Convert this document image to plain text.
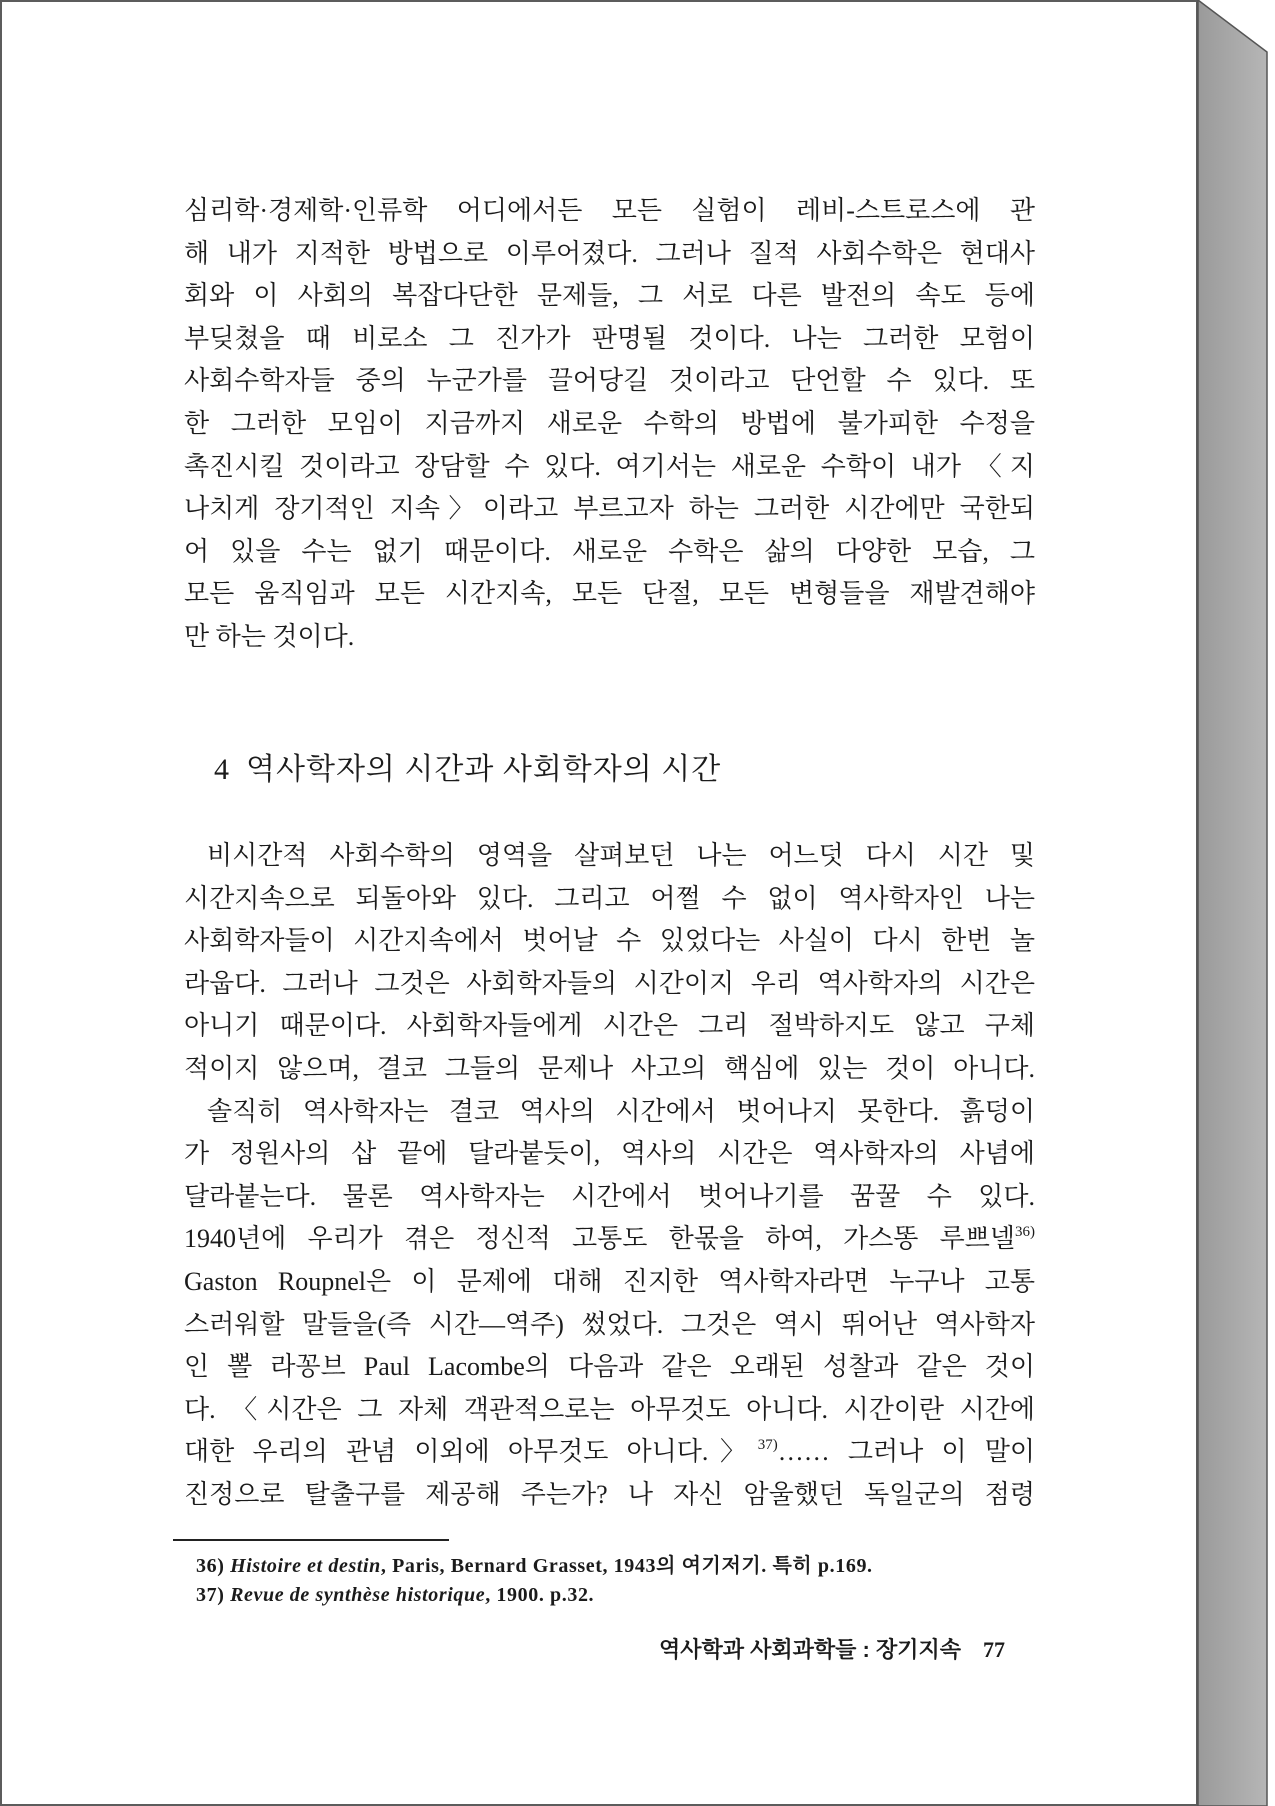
심리학·경제학·인류학 어디에서든 모든 실험이 레비-스트로스에 관
해 내가 지적한 방법으로 이루어졌다. 그러나 질적 사회수학은 현대사
회와 이 사회의 복잡다단한 문제들, 그 서로 다른 발전의 속도 등에
부딪쳤을 때 비로소 그 진가가 판명될 것이다. 나는 그러한 모험이
사회수학자들 중의 누군가를 끌어당길 것이라고 단언할 수 있다. 또
한 그러한 모임이 지금까지 새로운 수학의 방법에 불가피한 수정을
촉진시킬 것이라고 장담할 수 있다. 여기서는 새로운 수학이 내가 〈지
나치게 장기적인 지속〉이라고 부르고자 하는 그러한 시간에만 국한되
어 있을 수는 없기 때문이다. 새로운 수학은 삶의 다양한 모습, 그
모든 움직임과 모든 시간지속, 모든 단절, 모든 변형들을 재발견해야
만 하는 것이다.
4 역사학자의 시간과 사회학자의 시간
비시간적 사회수학의 영역을 살펴보던 나는 어느덧 다시 시간 및
시간지속으로 되돌아와 있다. 그리고 어쩔 수 없이 역사학자인 나는
사회학자들이 시간지속에서 벗어날 수 있었다는 사실이 다시 한번 놀
라웁다. 그러나 그것은 사회학자들의 시간이지 우리 역사학자의 시간은
아니기 때문이다. 사회학자들에게 시간은 그리 절박하지도 않고 구체
적이지 않으며, 결코 그들의 문제나 사고의 핵심에 있는 것이 아니다.
솔직히 역사학자는 결코 역사의 시간에서 벗어나지 못한다. 흙덩이
가 정원사의 삽 끝에 달라붙듯이, 역사의 시간은 역사학자의 사념에
달라붙는다. 물론 역사학자는 시간에서 벗어나기를 꿈꿀 수 있다.
1940년에 우리가 겪은 정신적 고통도 한몫을 하여, 가스똥 루쁘넬$^{36)}$
Gaston Roupnel은 이 문제에 대해 진지한 역사학자라면 누구나 고통
스러워할 말들을(즉 시간—역주) 썼었다. 그것은 역시 뛰어난 역사학자
인 뽈 라꽁브 Paul Lacombe의 다음과 같은 오래된 성찰과 같은 것이
다. 〈시간은 그 자체 객관적으로는 아무것도 아니다. 시간이란 시간에
대한 우리의 관념 이외에 아무것도 아니다.〉$^{37)}$…… 그러나 이 말이
진정으로 탈출구를 제공해 주는가? 나 자신 암울했던 독일군의 점령
36) Histoire et destin, Paris, Bernard Grasset, 1943의 여기저기. 특히 p.169.
37) Revue de synthèse historique, 1900. p.32.
역사학과 사회과학들 : 장기지속 77
